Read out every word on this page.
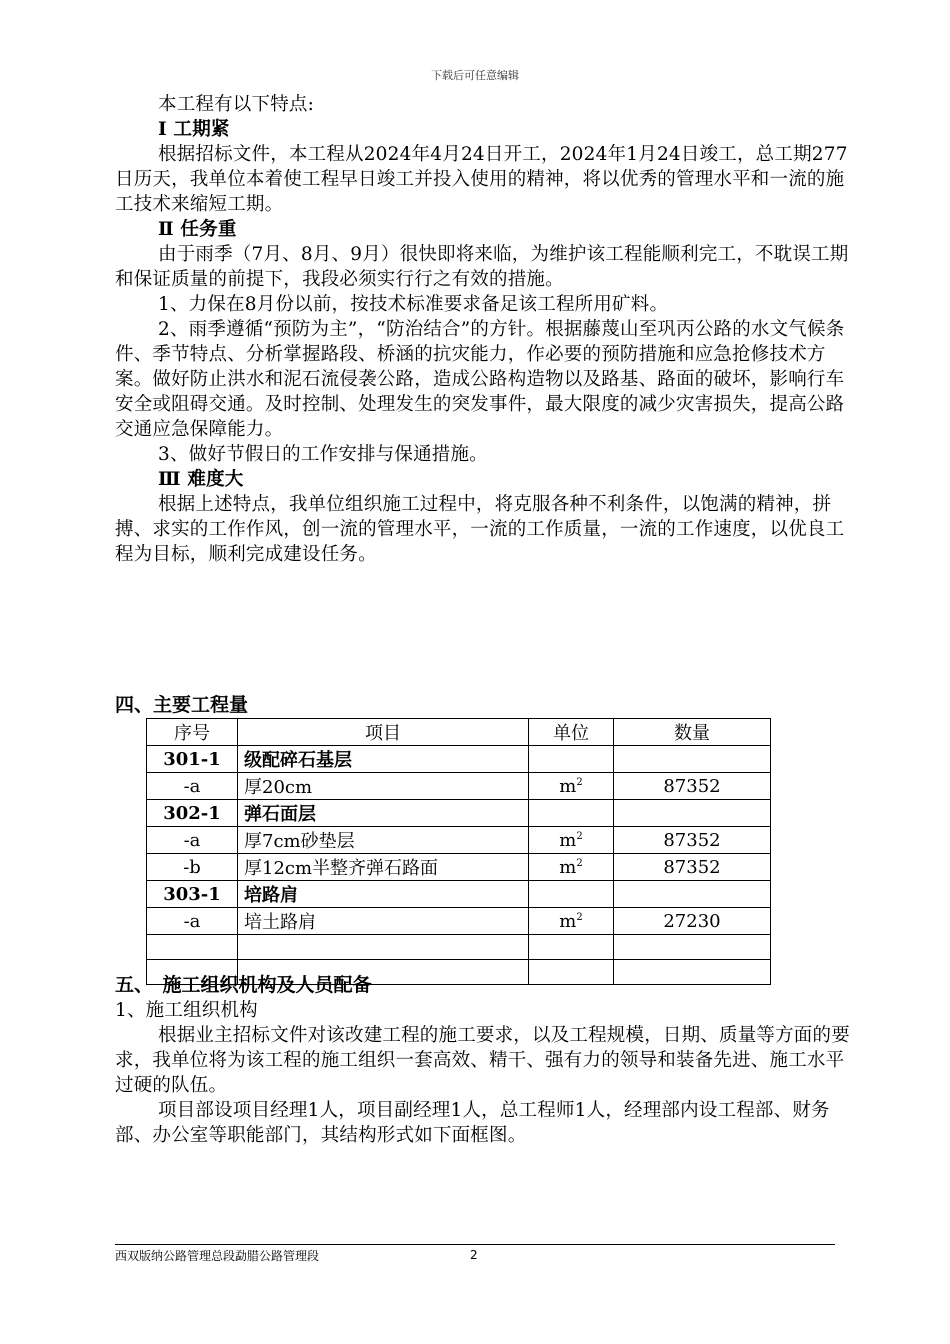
下载后可任意编辑

本工程有以下特点:

Ⅰ 工期紧

根据招标文件，本工程从2024年4月24日开工，2024年1月24日竣工，总工期277日历天，我单位本着使工程早日竣工并投入使用的精神，将以优秀的管理水平和一流的施工技术来缩短工期。

Ⅱ 任务重

由于雨季（7月、8月、9月）很快即将来临，为维护该工程能顺利完工，不耽误工期和保证质量的前提下，我段必须实行行之有效的措施。

1、力保在8月份以前，按技术标准要求备足该工程所用矿料。

2、雨季遵循“预防为主”，“防治结合”的方针。根据藤蔑山至巩丙公路的水文气候条件、季节特点、分析掌握路段、桥涵的抗灾能力，作必要的预防措施和应急抢修技术方案。做好防止洪水和泥石流侵袭公路，造成公路构造物以及路基、路面的破坏，影响行车安全或阻碍交通。及时控制、处理发生的突发事件，最大限度的减少灾害损失，提高公路交通应急保障能力。

3、做好节假日的工作安排与保通措施。

Ⅲ 难度大

根据上述特点，我单位组织施工过程中，将克服各种不利条件，以饱满的精神，拼搏、求实的工作作风，创一流的管理水平，一流的工作质量，一流的工作速度，以优良工程为目标，顺利完成建设任务。

四、主要工程量

序号	项目	单位	数量
301-1	级配碎石基层		
-a	厚20cm	$m^2$	87352
302-1	弹石面层		
-a	厚7cm砂垫层	$m^2$	87352
-b	厚12cm半整齐弹石路面	$m^2$	87352
303-1	培路肩		
-a	培土路肩	$m^2$	27230

五、　施工组织机构及人员配备

1、施工组织机构

根据业主招标文件对该改建工程的施工要求，以及工程规模，日期、质量等方面的要求，我单位将为该工程的施工组织一套高效、精干、强有力的领导和装备先进、施工水平过硬的队伍。

项目部设项目经理1人，项目副经理1人，总工程师1人，经理部内设工程部、财务部、办公室等职能部门，其结构形式如下面框图。

西双版纳公路管理总段勐腊公路管理段	2
